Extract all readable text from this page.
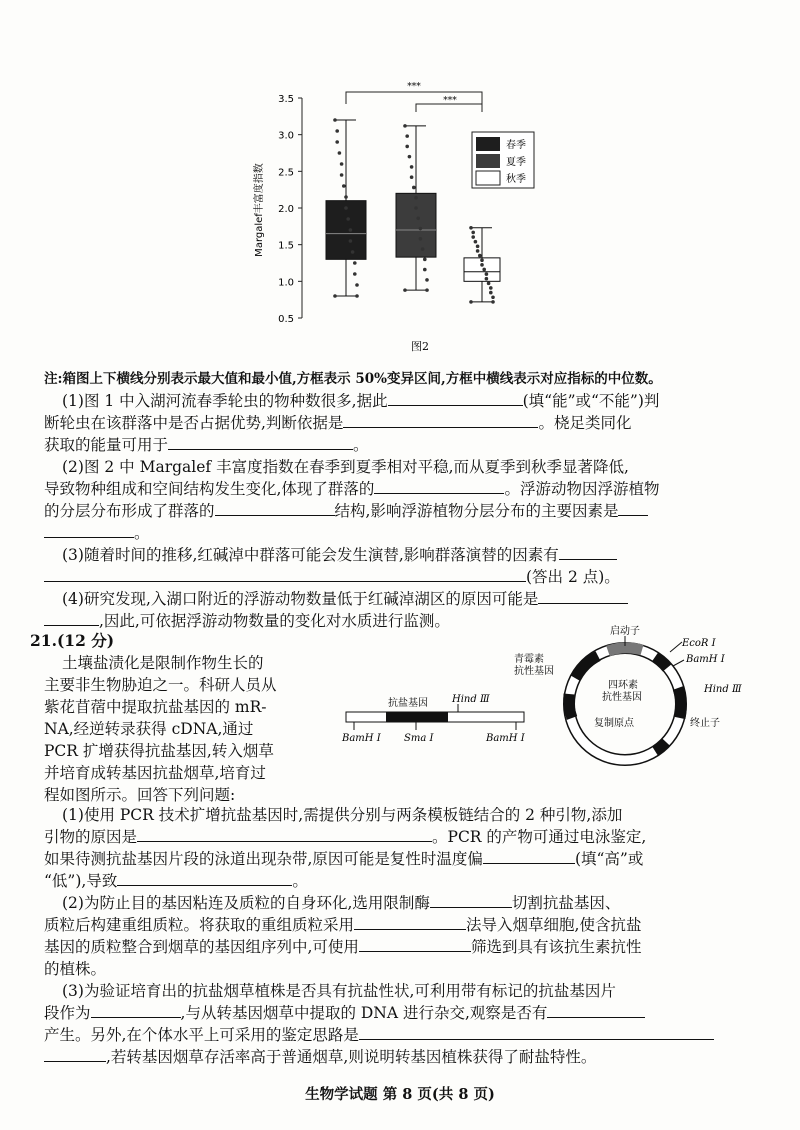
0.5
1.0
1.5
2.0
2.5
3.0
3.5
Margalef丰富度指数
***
***
春季
夏季
秋季
图2
注:箱图上下横线分别表示最大值和最小值,方框表示 50%变异区间,方框中横线表示对应指标的中位数。
(1)图 1 中入湖河流春季轮虫的物种数很多,据此	(填“能”或“不能”)判
断轮虫在该群落中是否占据优势,判断依据是	。桡足类同化
获取的能量可用于	。
(2)图 2 中 Margalef 丰富度指数在春季到夏季相对平稳,而从夏季到秋季显著降低,
导致物种组成和空间结构发生变化,体现了群落的	。浮游动物因浮游植物
的分层分布形成了群落的	结构,影响浮游植物分层分布的主要因素是
。
(3)随着时间的推移,红碱淖中群落可能会发生演替,影响群落演替的因素有
(答出 2 点)。
(4)研究发现,入湖口附近的浮游动物数量低于红碱淖湖区的原因可能是
,因此,可依据浮游动物数量的变化对水质进行监测。
21.(12 分)
土壤盐渍化是限制作物生长的
主要非生物胁迫之一。科研人员从
紫花苜蓿中提取抗盐基因的 mR-
NA,经逆转录获得 cDNA,通过
PCR 扩增获得抗盐基因,转入烟草
并培育成转基因抗盐烟草,培育过
程如图所示。回答下列问题:
抗盐基因 Hind Ⅲ
BamH Ⅰ Sma Ⅰ	BamH Ⅰ
启动子
EcoR Ⅰ
BamH Ⅰ
Hind Ⅲ
青霉素
抗性基因
四环素
抗性基因
复制原点	终止子
(1)使用 PCR 技术扩增抗盐基因时,需提供分别与两条模板链结合的 2 种引物,添加
引物的原因是	。PCR 的产物可通过电泳鉴定,
如果待测抗盐基因片段的泳道出现杂带,原因可能是复性时温度偏	(填“高”或
“低”),导致	。
(2)为防止目的基因粘连及质粒的自身环化,选用限制酶	切割抗盐基因、
质粒后构建重组质粒。将获取的重组质粒采用	法导入烟草细胞,使含抗盐
基因的质粒整合到烟草的基因组序列中,可使用	筛选到具有该抗生素抗性
的植株。
(3)为验证培育出的抗盐烟草植株是否具有抗盐性状,可利用带有标记的抗盐基因片
段作为	,与从转基因烟草中提取的 DNA 进行杂交,观察是否有
产生。另外,在个体水平上可采用的鉴定思路是
,若转基因烟草存活率高于普通烟草,则说明转基因植株获得了耐盐特性。
生物学试题 第 8 页(共 8 页)
